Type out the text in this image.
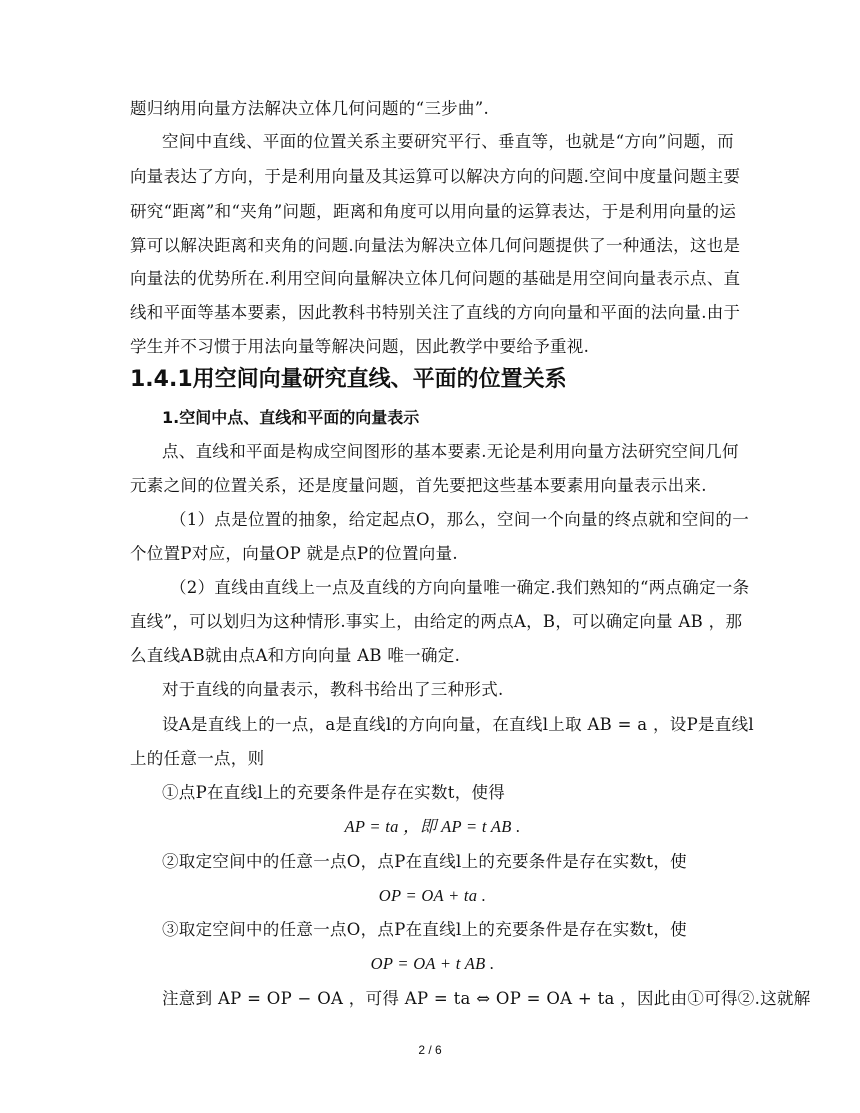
题归纳用向量方法解决立体几何问题的“三步曲”.
空间中直线、平面的位置关系主要研究平行、垂直等，也就是“方向”问题，而
向量表达了方向，于是利用向量及其运算可以解决方向的问题.空间中度量问题主要
研究“距离”和“夹角”问题，距离和角度可以用向量的运算表达，于是利用向量的运
算可以解决距离和夹角的问题.向量法为解决立体几何问题提供了一种通法，这也是
向量法的优势所在.利用空间向量解决立体几何问题的基础是用空间向量表示点、直
线和平面等基本要素，因此教科书特别关注了直线的方向向量和平面的法向量.由于
学生并不习惯于用法向量等解决问题，因此教学中要给予重视.
1.4.1用空间向量研究直线、平面的位置关系
1.空间中点、直线和平面的向量表示
点、直线和平面是构成空间图形的基本要素.无论是利用向量方法研究空间几何
元素之间的位置关系，还是度量问题，首先要把这些基本要素用向量表示出来.
（1）点是位置的抽象，给定起点O，那么，空间一个向量的终点就和空间的一
个位置P对应，向量OP 就是点P的位置向量.
（2）直线由直线上一点及直线的方向向量唯一确定.我们熟知的“两点确定一条
直线”，可以划归为这种情形.事实上，由给定的两点A，B，可以确定向量 AB ，那
么直线AB就由点A和方向向量 AB 唯一确定.
对于直线的向量表示，教科书给出了三种形式.
设A是直线上的一点，a是直线l的方向向量，在直线l上取 AB = a ，设P是直线l
上的任意一点，则
①点P在直线l上的充要条件是存在实数t，使得
AP = ta ，即 AP = t AB .
②取定空间中的任意一点O，点P在直线l上的充要条件是存在实数t，使
OP = OA + ta .
③取定空间中的任意一点O，点P在直线l上的充要条件是存在实数t，使
OP = OA + t AB .
注意到 AP = OP − OA ，可得 AP = ta ⇔ OP = OA + ta ，因此由①可得②.这就解
2 / 6
